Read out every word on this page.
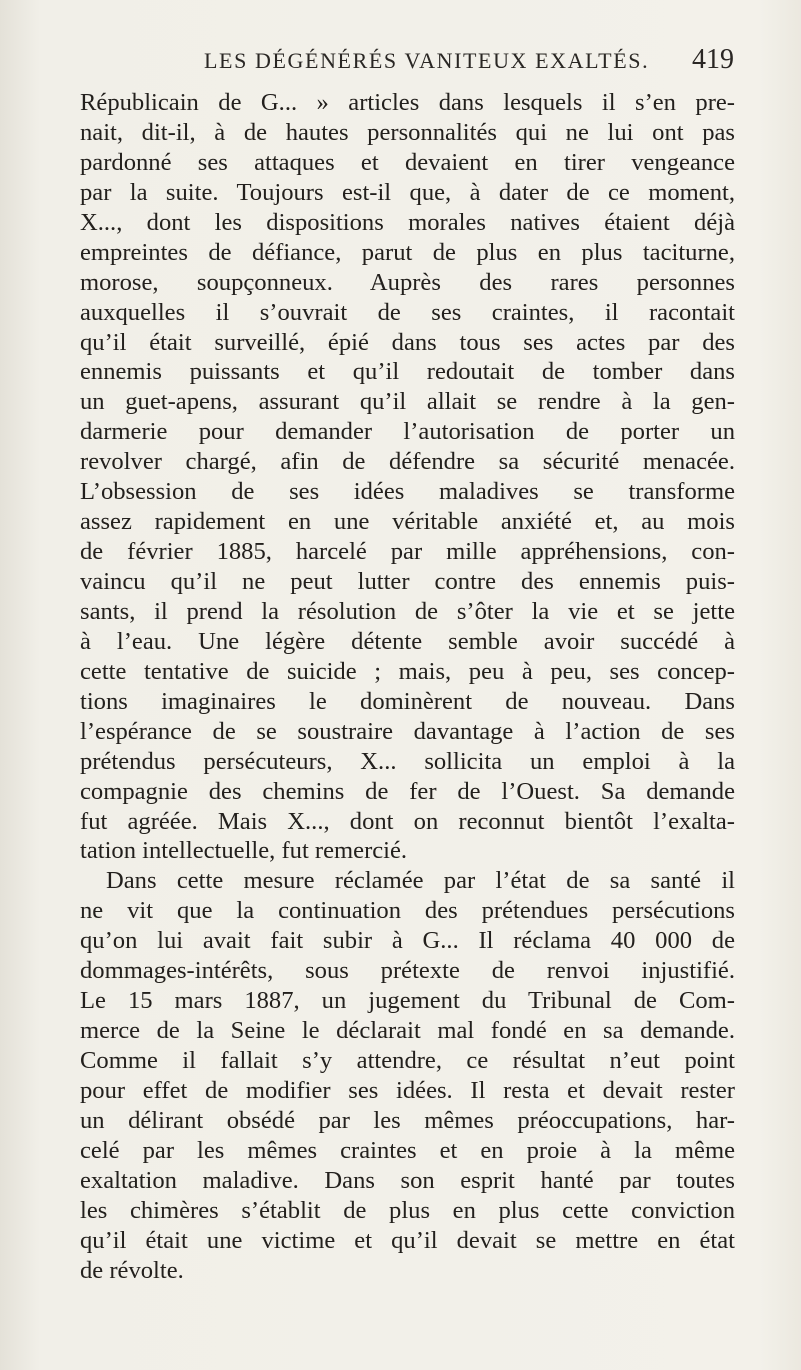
LES DÉGÉNÉRÉS VANITEUX EXALTÉS. 419
Républicain de G... » articles dans lesquels il s’en pre-
nait, dit-il, à de hautes personnalités qui ne lui ont pas
pardonné ses attaques et devaient en tirer vengeance
par la suite. Toujours est-il que, à dater de ce moment,
X..., dont les dispositions morales natives étaient déjà
empreintes de défiance, parut de plus en plus taciturne,
morose, soupçonneux. Auprès des rares personnes
auxquelles il s’ouvrait de ses craintes, il racontait
qu’il était surveillé, épié dans tous ses actes par des
ennemis puissants et qu’il redoutait de tomber dans
un guet-apens, assurant qu’il allait se rendre à la gen-
darmerie pour demander l’autorisation de porter un
revolver chargé, afin de défendre sa sécurité menacée.
L’obsession de ses idées maladives se transforme
assez rapidement en une véritable anxiété et, au mois
de février 1885, harcelé par mille appréhensions, con-
vaincu qu’il ne peut lutter contre des ennemis puis-
sants, il prend la résolution de s’ôter la vie et se jette
à l’eau. Une légère détente semble avoir succédé à
cette tentative de suicide ; mais, peu à peu, ses concep-
tions imaginaires le dominèrent de nouveau. Dans
l’espérance de se soustraire davantage à l’action de ses
prétendus persécuteurs, X... sollicita un emploi à la
compagnie des chemins de fer de l’Ouest. Sa demande
fut agréée. Mais X..., dont on reconnut bientôt l’exalta-
tation intellectuelle, fut remercié.
Dans cette mesure réclamée par l’état de sa santé il
ne vit que la continuation des prétendues persécutions
qu’on lui avait fait subir à G... Il réclama 40 000 de
dommages-intérêts, sous prétexte de renvoi injustifié.
Le 15 mars 1887, un jugement du Tribunal de Com-
merce de la Seine le déclarait mal fondé en sa demande.
Comme il fallait s’y attendre, ce résultat n’eut point
pour effet de modifier ses idées. Il resta et devait rester
un délirant obsédé par les mêmes préoccupations, har-
celé par les mêmes craintes et en proie à la même
exaltation maladive. Dans son esprit hanté par toutes
les chimères s’établit de plus en plus cette conviction
qu’il était une victime et qu’il devait se mettre en état
de révolte.
